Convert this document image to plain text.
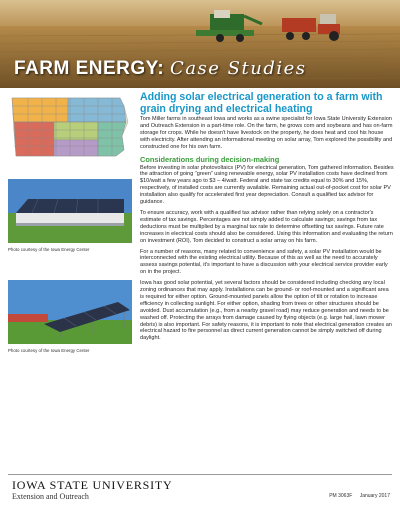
FARM ENERGY: Case Studies
Photo courtesy of the Iowa Energy Center
Photo courtesy of the Iowa Energy Center
Adding solar electrical generation to a farm with grain drying and electrical heating

Tom Miller farms in southeast Iowa and works as a swine specialist for Iowa State University Extension and Outreach Extension in a part-time role. On the farm, he grows corn and soybeans and has on-farm storage for crops. While he doesn't have livestock on the property, he does heat and cool his house with electricity. After attending an informational meeting on solar array, Tom explored the possibility and constructed one for his own farm.

Considerations during decision-making

Before investing in solar photovoltaics (PV) for electrical generation, Tom gathered information. Besides the attraction of going “green” using renewable energy, solar PV installation costs have declined from $10/watt a few years ago to $3 – 4/watt. Federal and state tax credits equal to 30% and 15%, respectively, of installed costs are currently available. Remaining actual out-of-pocket cost for solar PV installation also qualify for accelerated first year depreciation. Consult a qualified tax advisor for guidance.

To ensure accuracy, work with a qualified tax advisor rather than relying solely on a contractor's estimate of tax savings. Percentages are not simply added to calculate savings; savings from tax deductions must be multiplied by a marginal tax rate to determine offsetting tax savings. Future rate increases in electrical costs should also be considered. Using this information and evaluating the return on investment (ROI), Tom decided to construct a solar array on his farm.

For a number of reasons, many related to convenience and safety, a solar PV installation would be interconnected with the existing electrical utility. Because of this as well as the need to accurately assess savings potential, it's important to have a discussion with your electrical service provider early on in the project.

Iowa has good solar potential, yet several factors should be considered including checking any local zoning ordinances that may apply. Installations can be ground- or roof-mounted and a significant area is required for either option. Ground-mounted panels allow the option of tilt or rotation to increase efficiency in collecting sunlight. For either option, shading from trees or other structures should be avoided. Dust accumulation (e.g., from a nearby gravel road) may reduce generation and needs to be washed off. Protecting the arrays from damage caused by flying objects (e.g. large hail, lawn mower debris) is also important. For safety reasons, it is important to note that electrical generation creates an electrical hazard to fire personnel as direct current generation cannot be simply switched off during daylight.

IOWA STATE UNIVERSITY
Extension and Outreach	PM 3063F January 2017
